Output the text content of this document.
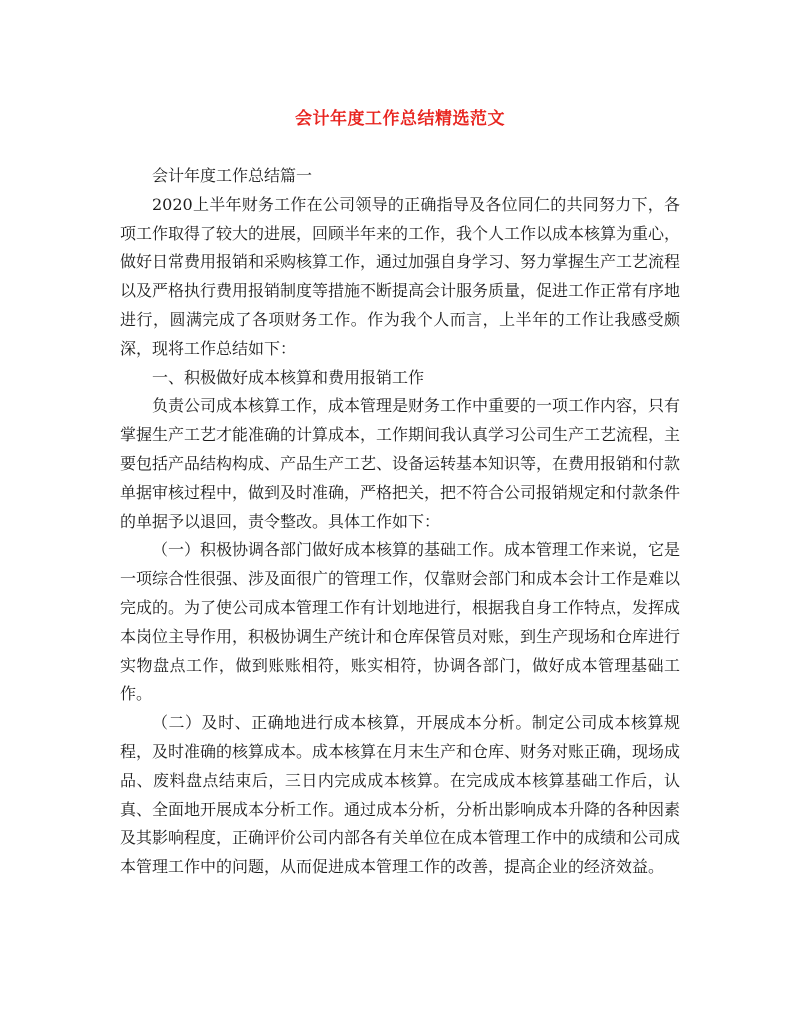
会计年度工作总结精选范文

会计年度工作总结篇一

2020上半年财务工作在公司领导的正确指导及各位同仁的共同努力下，各项工作取得了较大的进展，回顾半年来的工作，我个人工作以成本核算为重心，做好日常费用报销和采购核算工作，通过加强自身学习、努力掌握生产工艺流程以及严格执行费用报销制度等措施不断提高会计服务质量，促进工作正常有序地进行，圆满完成了各项财务工作。作为我个人而言，上半年的工作让我感受颇深，现将工作总结如下：

一、积极做好成本核算和费用报销工作

负责公司成本核算工作，成本管理是财务工作中重要的一项工作内容，只有掌握生产工艺才能准确的计算成本，工作期间我认真学习公司生产工艺流程，主要包括产品结构构成、产品生产工艺、设备运转基本知识等，在费用报销和付款单据审核过程中，做到及时准确，严格把关，把不符合公司报销规定和付款条件的单据予以退回，责令整改。具体工作如下：

（一）积极协调各部门做好成本核算的基础工作。成本管理工作来说，它是一项综合性很强、涉及面很广的管理工作，仅靠财会部门和成本会计工作是难以完成的。为了使公司成本管理工作有计划地进行，根据我自身工作特点，发挥成本岗位主导作用，积极协调生产统计和仓库保管员对账，到生产现场和仓库进行实物盘点工作，做到账账相符，账实相符，协调各部门，做好成本管理基础工作。

（二）及时、正确地进行成本核算，开展成本分析。制定公司成本核算规程，及时准确的核算成本。成本核算在月末生产和仓库、财务对账正确，现场成品、废料盘点结束后，三日内完成成本核算。在完成成本核算基础工作后，认真、全面地开展成本分析工作。通过成本分析，分析出影响成本升降的各种因素及其影响程度，正确评价公司内部各有关单位在成本管理工作中的成绩和公司成本管理工作中的问题，从而促进成本管理工作的改善，提高企业的经济效益。
